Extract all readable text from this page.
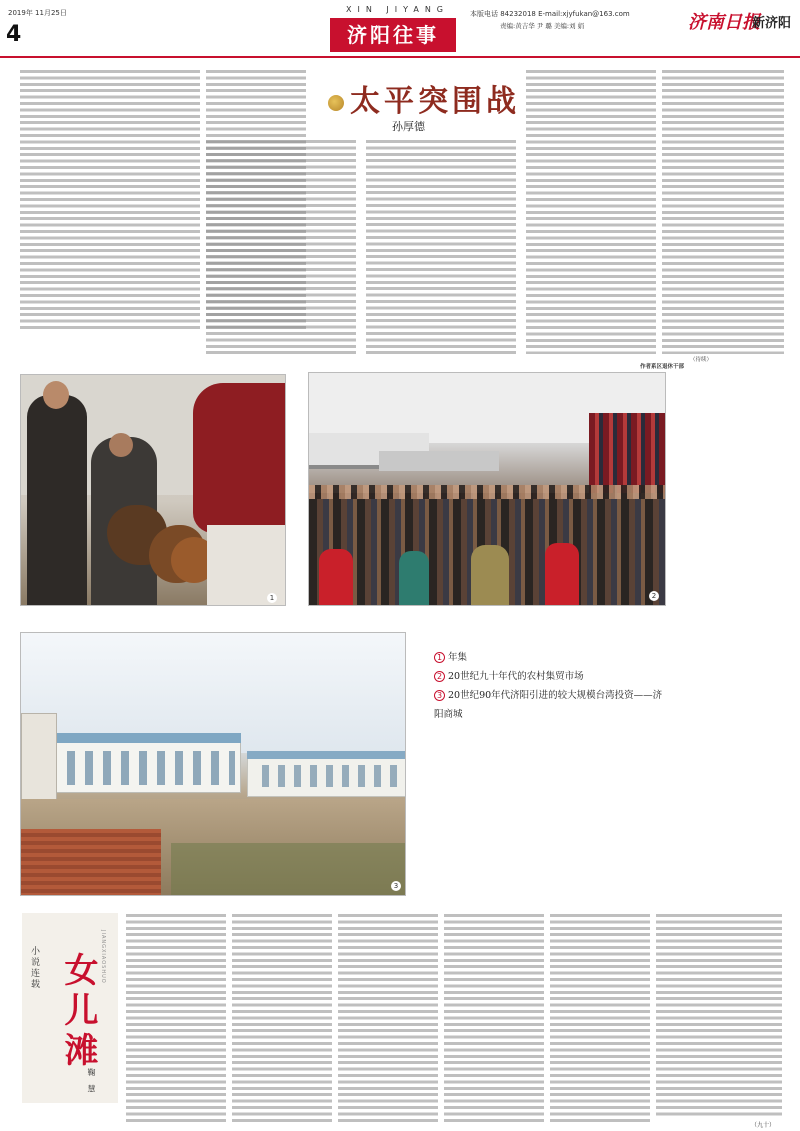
2019年 11月25日
4
XIN JIYANG
济阳往事
本版电话 84232018 E-mail:xjyfukan@163.com
责编:黄吉华 尹 璐 美编:刘 娟	济南日报
新济阳
太平突围战
孙厚德
（待续）
作者系区退休干部
1	2
3
1 年集
2 20世纪九十年代的农村集贸市场
3 20世纪90年代济阳引进的较大规模台湾投资——济阳商城
小说连载 女儿滩 JIANGXIAOSHUO
鞠 慧
（九十）
